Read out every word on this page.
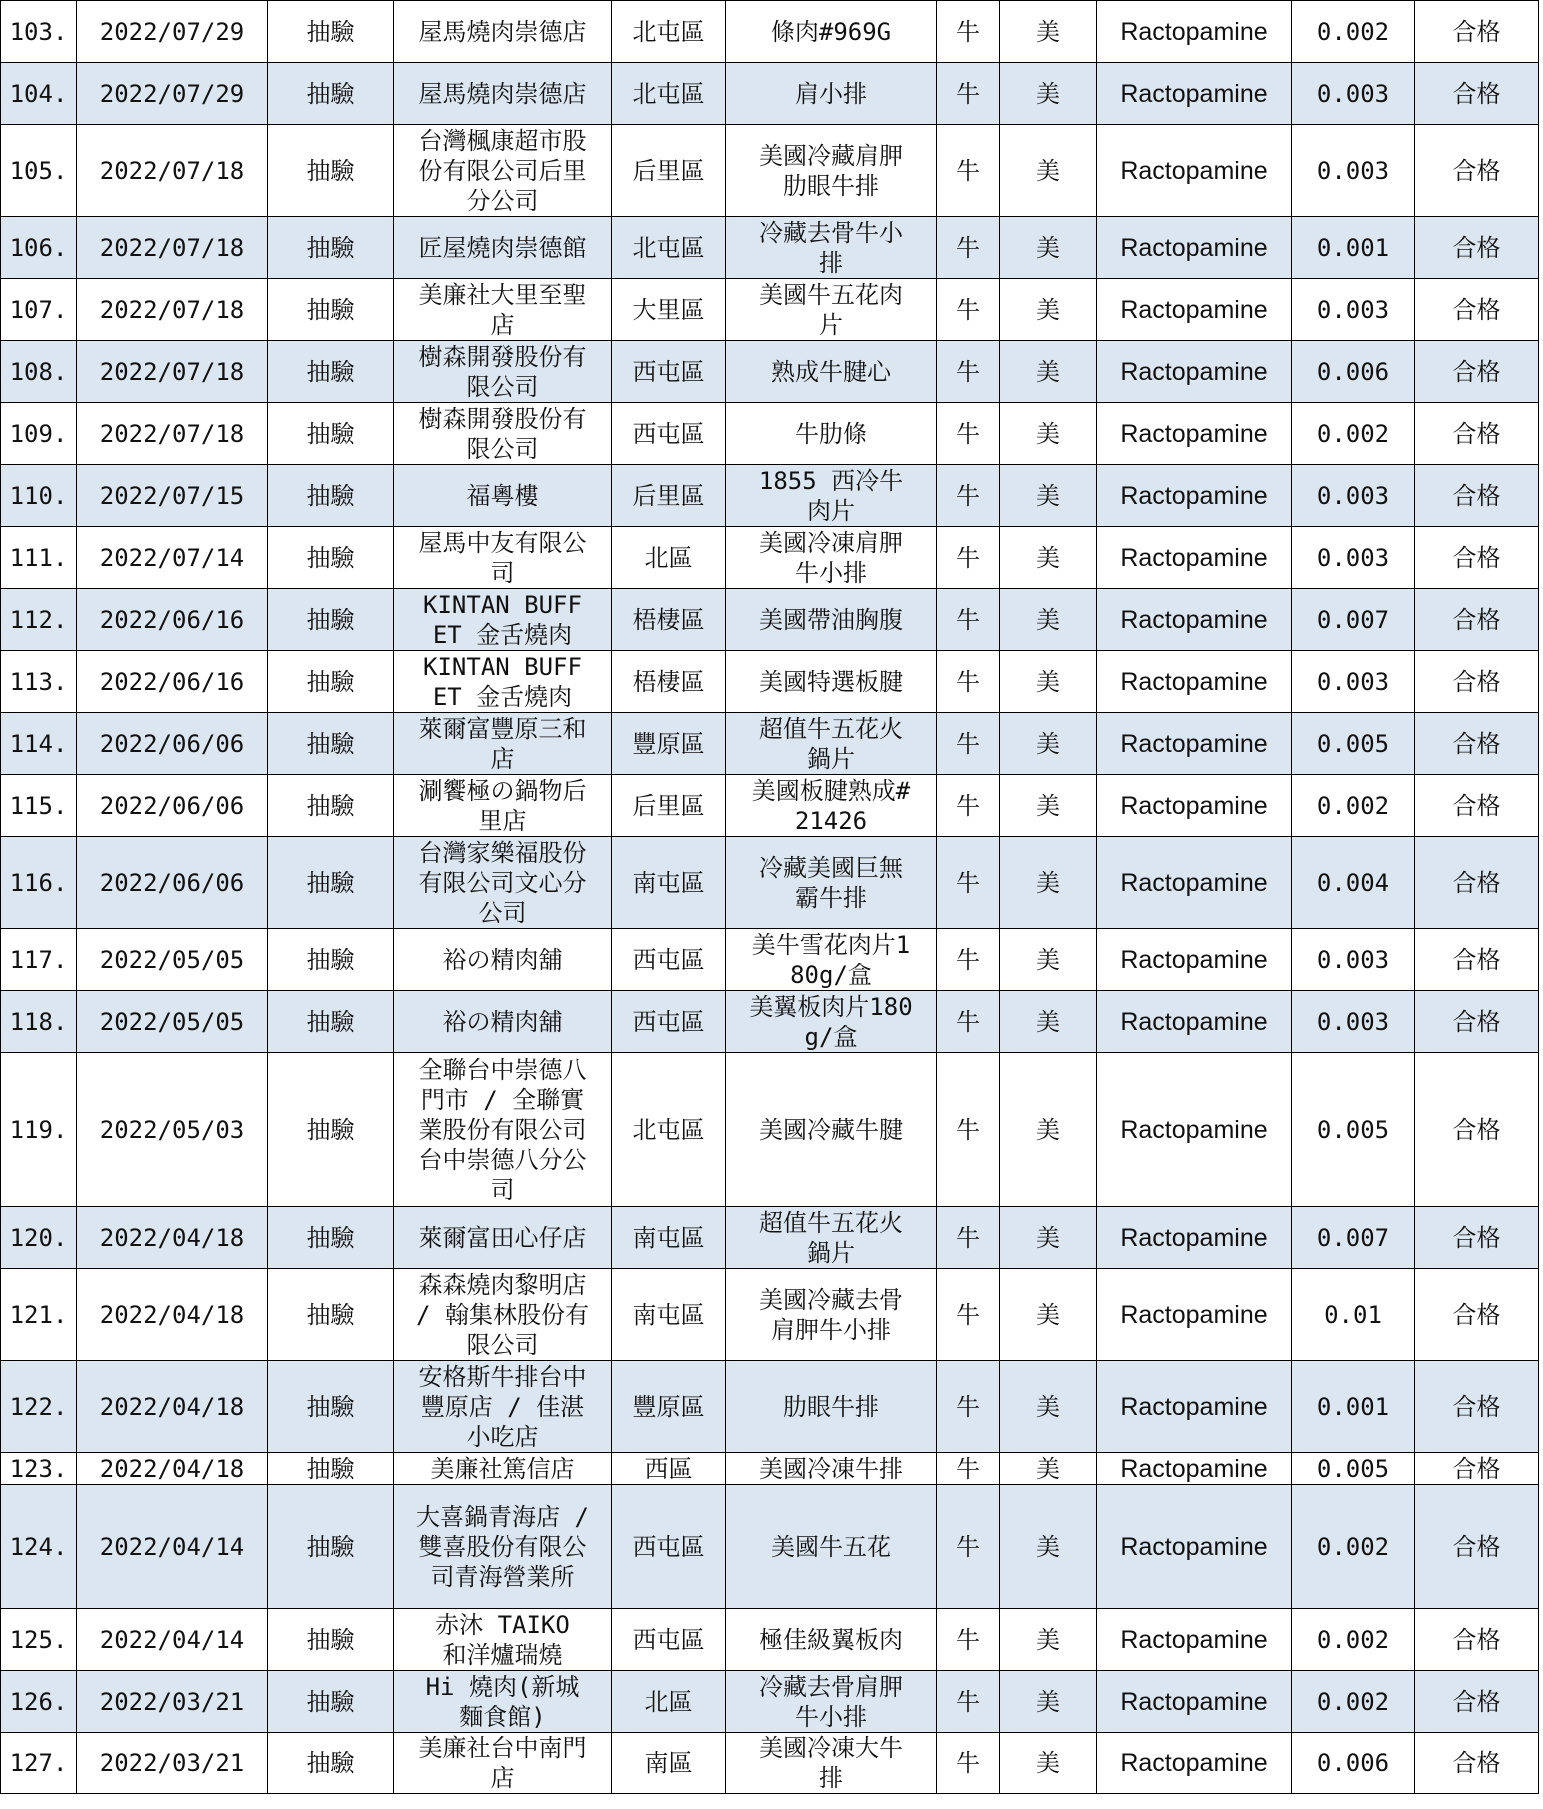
103.	2022/07/29	抽驗	屋馬燒肉崇德店	北屯區	條肉#969G	牛	美	Ractopamine	0.002	合格
104.	2022/07/29	抽驗	屋馬燒肉崇德店	北屯區	肩小排	牛	美	Ractopamine	0.003	合格
105.	2022/07/18	抽驗	台灣楓康超市股份有限公司后里分公司	后里區	美國冷藏肩胛肋眼牛排	牛	美	Ractopamine	0.003	合格
106.	2022/07/18	抽驗	匠屋燒肉崇德館	北屯區	冷藏去骨牛小排	牛	美	Ractopamine	0.001	合格
107.	2022/07/18	抽驗	美廉社大里至聖店	大里區	美國牛五花肉片	牛	美	Ractopamine	0.003	合格
108.	2022/07/18	抽驗	樹森開發股份有限公司	西屯區	熟成牛腱心	牛	美	Ractopamine	0.006	合格
109.	2022/07/18	抽驗	樹森開發股份有限公司	西屯區	牛肋條	牛	美	Ractopamine	0.002	合格
110.	2022/07/15	抽驗	福粵樓	后里區	1855 西冷牛肉片	牛	美	Ractopamine	0.003	合格
111.	2022/07/14	抽驗	屋馬中友有限公司	北區	美國冷凍肩胛牛小排	牛	美	Ractopamine	0.003	合格
112.	2022/06/16	抽驗	KINTAN BUFFET 金舌燒肉	梧棲區	美國帶油胸腹	牛	美	Ractopamine	0.007	合格
113.	2022/06/16	抽驗	KINTAN BUFFET 金舌燒肉	梧棲區	美國特選板腱	牛	美	Ractopamine	0.003	合格
114.	2022/06/06	抽驗	萊爾富豐原三和店	豐原區	超值牛五花火鍋片	牛	美	Ractopamine	0.005	合格
115.	2022/06/06	抽驗	涮饗極の鍋物后里店	后里區	美國板腱熟成#21426	牛	美	Ractopamine	0.002	合格
116.	2022/06/06	抽驗	台灣家樂福股份有限公司文心分公司	南屯區	冷藏美國巨無霸牛排	牛	美	Ractopamine	0.004	合格
117.	2022/05/05	抽驗	裕の精肉舖	西屯區	美牛雪花肉片180g/盒	牛	美	Ractopamine	0.003	合格
118.	2022/05/05	抽驗	裕の精肉舖	西屯區	美翼板肉片180g/盒	牛	美	Ractopamine	0.003	合格
119.	2022/05/03	抽驗	全聯台中崇德八門市 / 全聯實業股份有限公司台中崇德八分公司	北屯區	美國冷藏牛腱	牛	美	Ractopamine	0.005	合格
120.	2022/04/18	抽驗	萊爾富田心仔店	南屯區	超值牛五花火鍋片	牛	美	Ractopamine	0.007	合格
121.	2022/04/18	抽驗	森森燒肉黎明店 / 翰集林股份有限公司	南屯區	美國冷藏去骨肩胛牛小排	牛	美	Ractopamine	0.01	合格
122.	2022/04/18	抽驗	安格斯牛排台中豐原店 / 佳湛小吃店	豐原區	肋眼牛排	牛	美	Ractopamine	0.001	合格
123.	2022/04/18	抽驗	美廉社篤信店	西區	美國冷凍牛排	牛	美	Ractopamine	0.005	合格
124.	2022/04/14	抽驗	大喜鍋青海店 / 雙喜股份有限公司青海營業所	西屯區	美國牛五花	牛	美	Ractopamine	0.002	合格
125.	2022/04/14	抽驗	赤沐 TAIKO 和洋爐瑞燒	西屯區	極佳級翼板肉	牛	美	Ractopamine	0.002	合格
126.	2022/03/21	抽驗	Hi 燒肉(新城麵食館)	北區	冷藏去骨肩胛牛小排	牛	美	Ractopamine	0.002	合格
127.	2022/03/21	抽驗	美廉社台中南門店	南區	美國冷凍大牛排	牛	美	Ractopamine	0.006	合格
